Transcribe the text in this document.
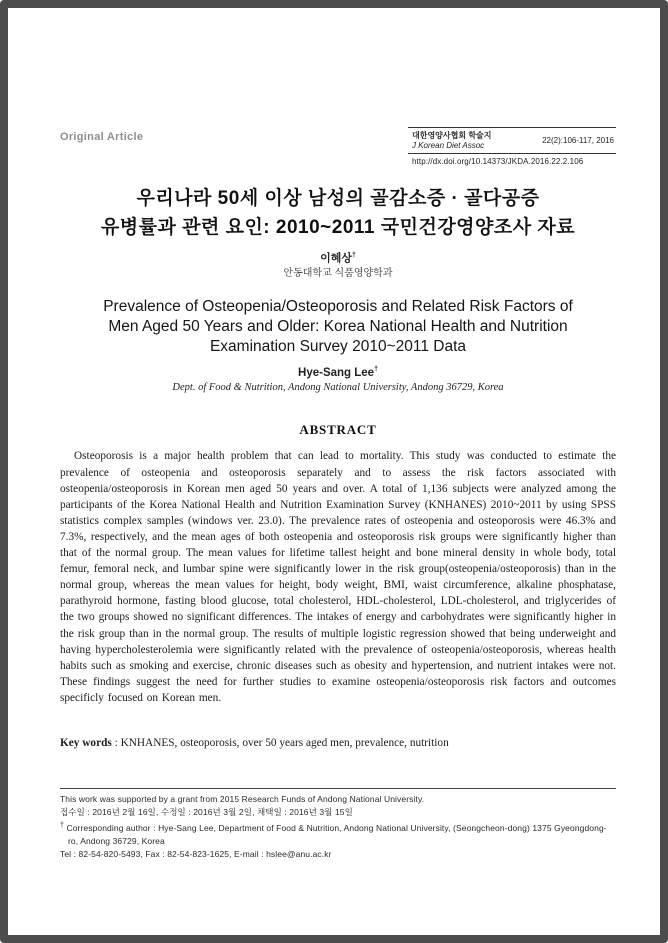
Original Article	대한영양사협회 학술지
J Korean Diet Assoc	22(2):106-117, 2016
http://dx.doi.org/10.14373/JKDA.2016.22.2.106
우리나라 50세 이상 남성의 골감소증 · 골다공증
유병률과 관련 요인: 2010~2011 국민건강영양조사 자료
이혜상†
안동대학교 식품영양학과
Prevalence of Osteopenia/Osteoporosis and Related Risk Factors of Men Aged 50 Years and Older: Korea National Health and Nutrition Examination Survey 2010~2011 Data
Hye-Sang Lee†
Dept. of Food & Nutrition, Andong National University, Andong 36729, Korea
ABSTRACT

Osteoporosis is a major health problem that can lead to mortality. This study was conducted to estimate the prevalence of osteopenia and osteoporosis separately and to assess the risk factors associated with osteopenia/osteoporosis in Korean men aged 50 years and over. A total of 1,136 subjects were analyzed among the participants of the Korea National Health and Nutrition Examination Survey (KNHANES) 2010~2011 by using SPSS statistics complex samples (windows ver. 23.0). The prevalence rates of osteopenia and osteoporosis were 46.3% and 7.3%, respectively, and the mean ages of both osteopenia and osteoporosis risk groups were significantly higher than that of the normal group. The mean values for lifetime tallest height and bone mineral density in whole body, total femur, femoral neck, and lumbar spine were significantly lower in the risk group(osteopenia/osteoporosis) than in the normal group, whereas the mean values for height, body weight, BMI, waist circumference, alkaline phosphatase, parathyroid hormone, fasting blood glucose, total cholesterol, HDL-cholesterol, LDL-cholesterol, and triglycerides of the two groups showed no significant differences. The intakes of energy and carbohydrates were significantly higher in the risk group than in the normal group. The results of multiple logistic regression showed that being underweight and having hypercholesterolemia were significantly related with the prevalence of osteopenia/osteoporosis, whereas health habits such as smoking and exercise, chronic diseases such as obesity and hypertension, and nutrient intakes were not. These findings suggest the need for further studies to examine osteopenia/osteoporosis risk factors and outcomes specificly focused on Korean men.

Key words : KNHANES, osteoporosis, over 50 years aged men, prevalence, nutrition
This work was supported by a grant from 2015 Research Funds of Andong National University.
접수일 : 2016년 2월 16일, 수정일 : 2016년 3월 2일, 채택일 : 2016년 3월 15일
† Corresponding author : Hye-Sang Lee, Department of Food & Nutrition, Andong National University, (Seongcheon-dong) 1375 Gyeongdong-ro, Andong 36729, Korea
Tel : 82-54-820-5493, Fax : 82-54-823-1625, E-mail : hslee@anu.ac.kr
